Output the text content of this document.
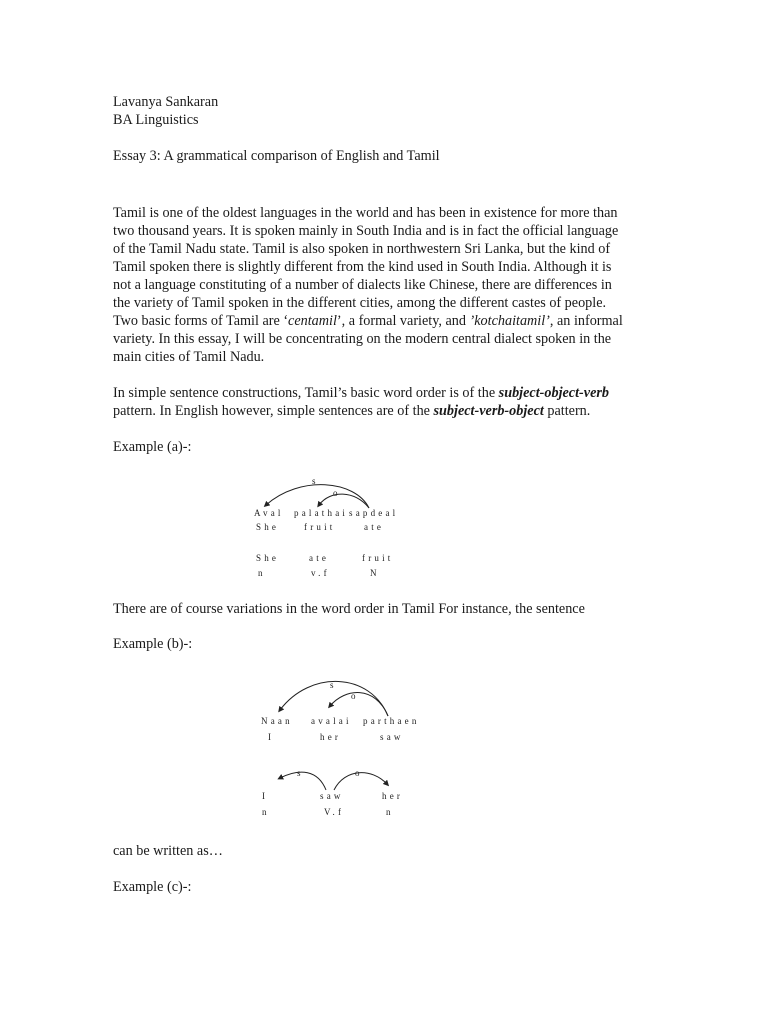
Lavanya Sankaran
BA Linguistics
Essay 3: A grammatical comparison of English and Tamil
Tamil is one of the oldest languages in the world and has been in existence for more than
two thousand years. It is spoken mainly in South India and is in fact the official language
of the Tamil Nadu state. Tamil is also spoken in northwestern Sri Lanka, but the kind of
Tamil spoken there is slightly different from the kind used in South India. Although it is
not a language constituting of a number of dialects like Chinese, there are differences in
the variety of Tamil spoken in the different cities, among the different castes of people.
Two basic forms of Tamil are ‘centamil’, a formal variety, and ’kotchaitamil’, an informal
variety. In this essay, I will be concentrating on the modern central dialect spoken in the
main cities of Tamil Nadu.
In simple sentence constructions, Tamil’s basic word order is of the subject-object-verb
pattern. In English however, simple sentences are of the subject-verb-object pattern.
Example (a)-:
s
o
Aval palathai sapdeal
She	fruit	ate
She	ate	fruit
n	v.f	N
s
o
Naan avalai parthaen
I	her	saw
s	o
I	saw	her
n	V.f	n
There are of course variations in the word order in Tamil For instance, the sentence
Example (b)-:
can be written as…
Example (c)-:
